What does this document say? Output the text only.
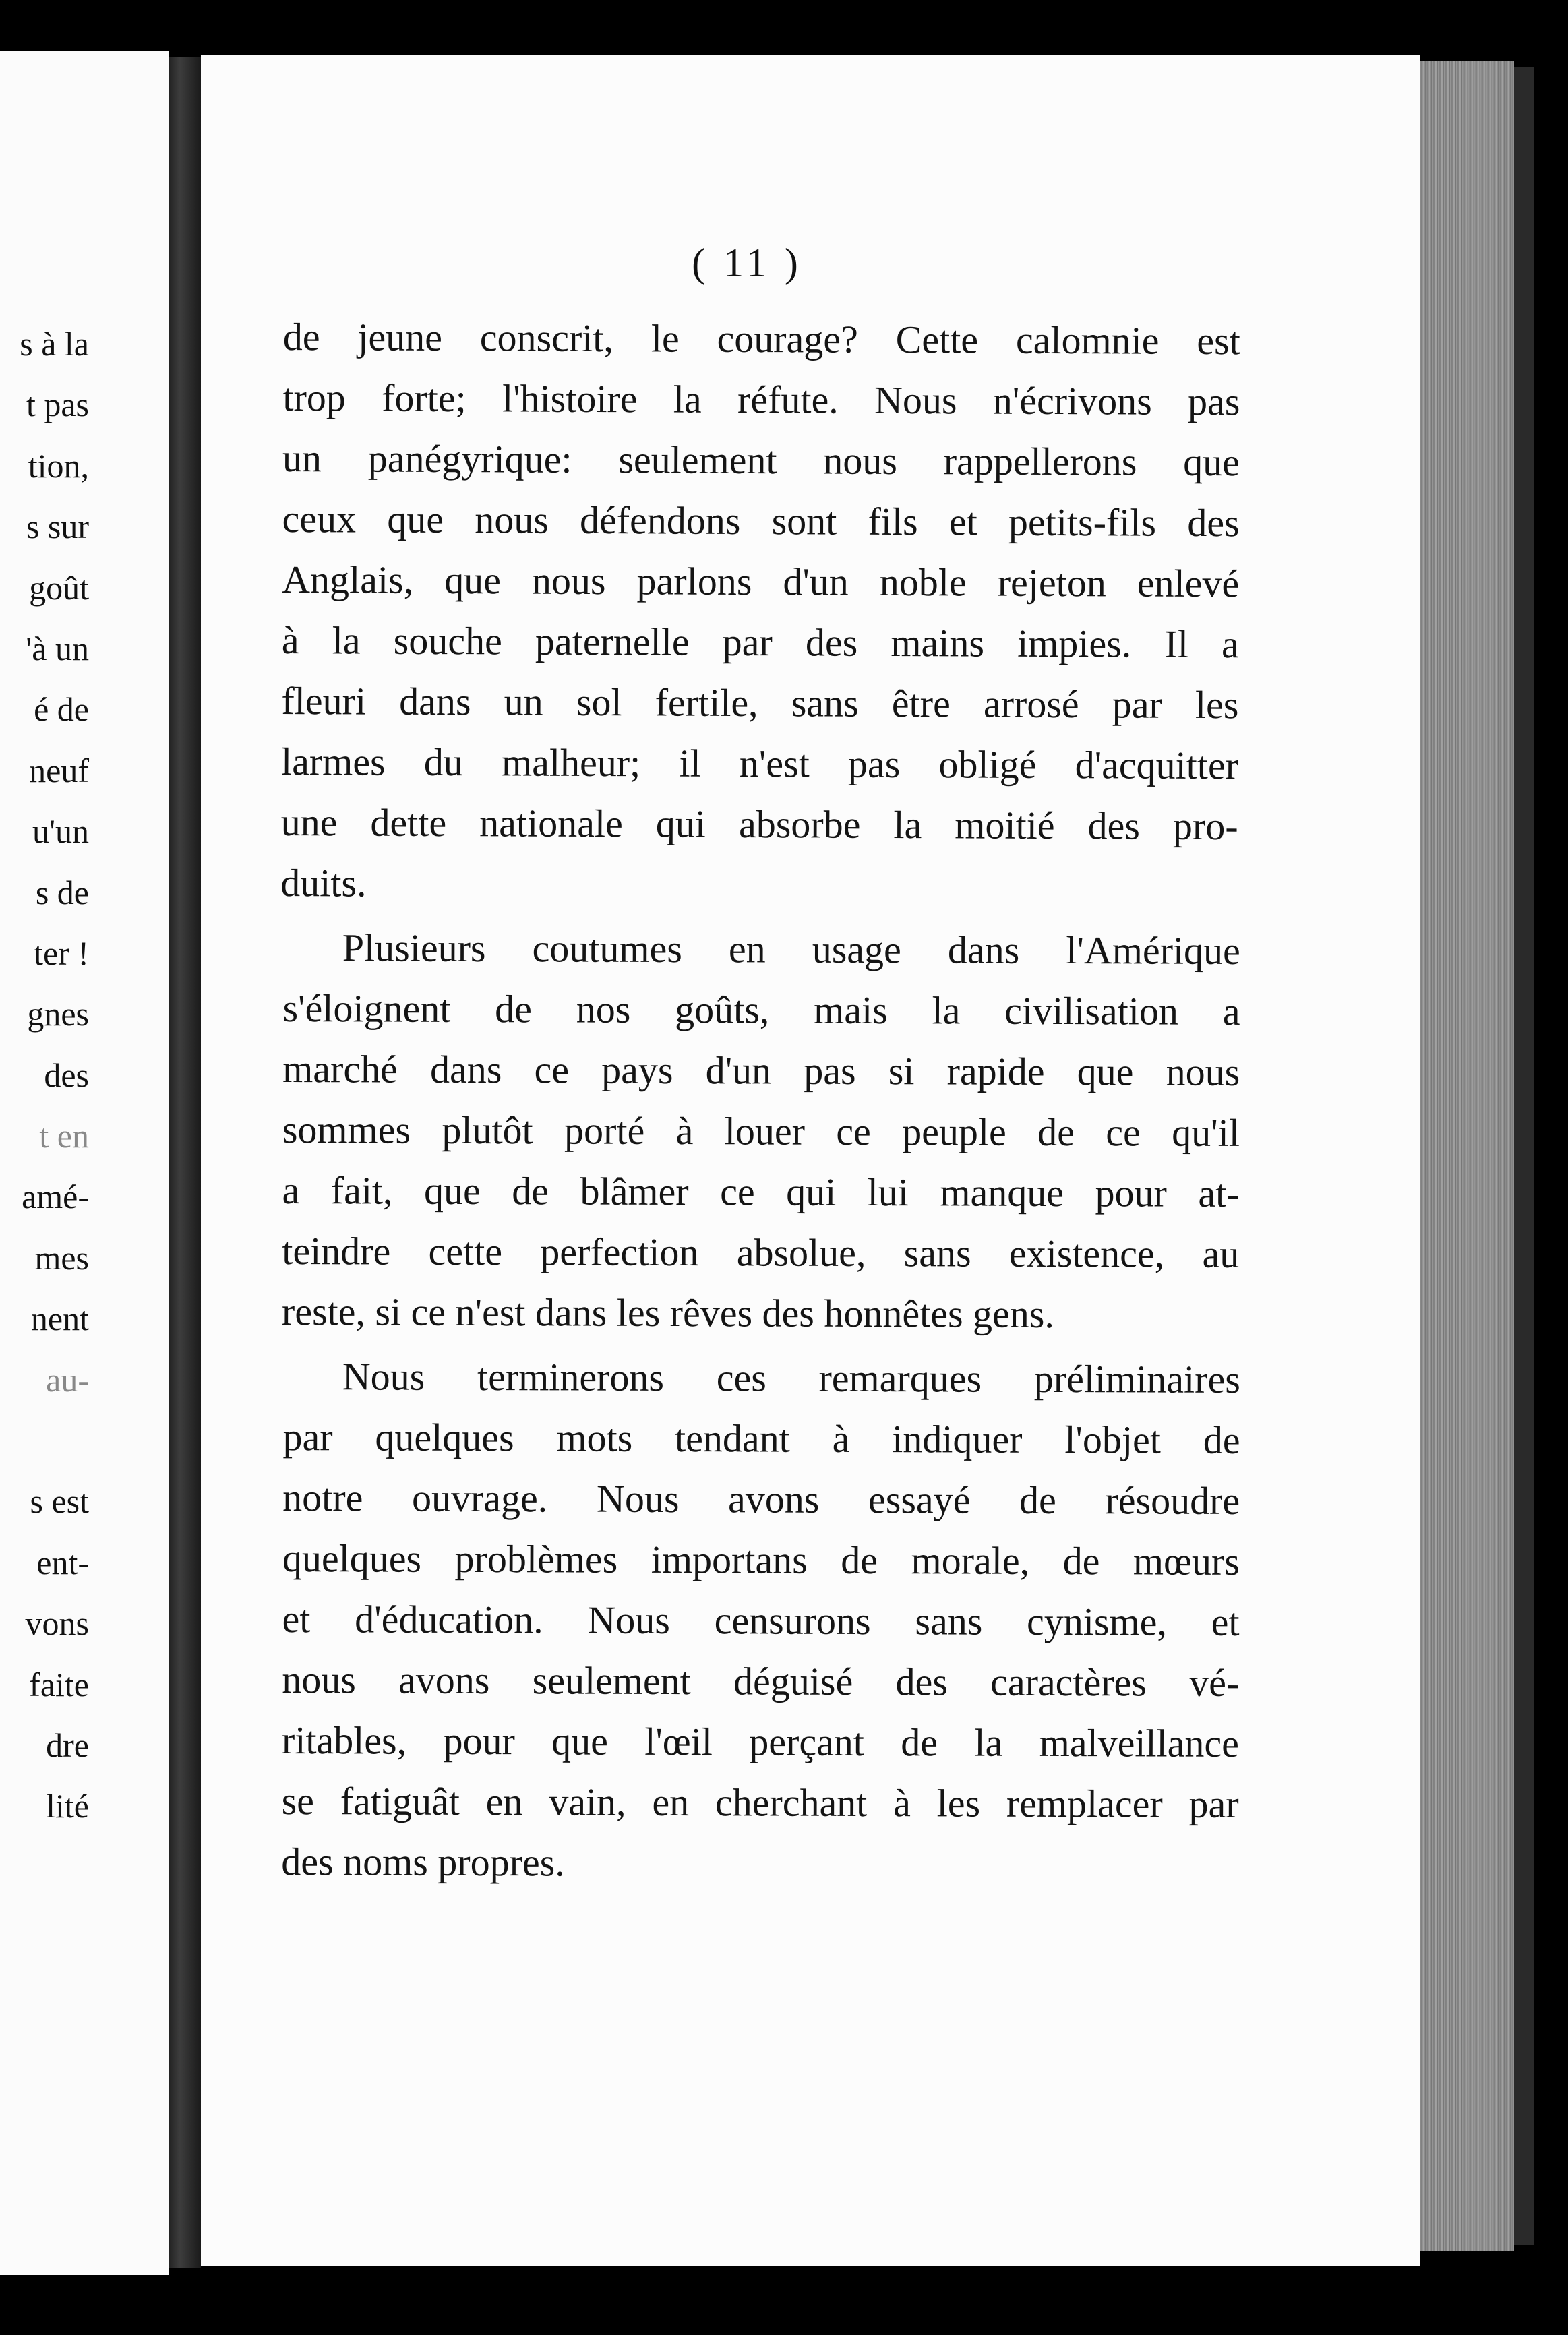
s à la
t pas
tion,
s sur
goût
'à un
é de
neuf
u'un
s de
ter !
gnes
des
t en
amé-
mes
nent
au-
s est
ent-
vons
faite
dre
lité
( 11 )
de jeune conscrit, le courage? Cette calomnie est
trop forte; l'histoire la réfute. Nous n'écrivons pas
un panégyrique: seulement nous rappellerons que
ceux que nous défendons sont fils et petits-fils des
Anglais, que nous parlons d'un noble rejeton enlevé
à la souche paternelle par des mains impies. Il a
fleuri dans un sol fertile, sans être arrosé par les
larmes du malheur; il n'est pas obligé d'acquitter
une dette nationale qui absorbe la moitié des pro-
duits.
Plusieurs coutumes en usage dans l'Amérique
s'éloignent de nos goûts, mais la civilisation a
marché dans ce pays d'un pas si rapide que nous
sommes plutôt porté à louer ce peuple de ce qu'il
a fait, que de blâmer ce qui lui manque pour at-
teindre cette perfection absolue, sans existence, au
reste, si ce n'est dans les rêves des honnêtes gens.
Nous terminerons ces remarques préliminaires
par quelques mots tendant à indiquer l'objet de
notre ouvrage. Nous avons essayé de résoudre
quelques problèmes importans de morale, de mœurs
et d'éducation. Nous censurons sans cynisme, et
nous avons seulement déguisé des caractères vé-
ritables, pour que l'œil perçant de la malveillance
se fatiguât en vain, en cherchant à les remplacer par
des noms propres.
